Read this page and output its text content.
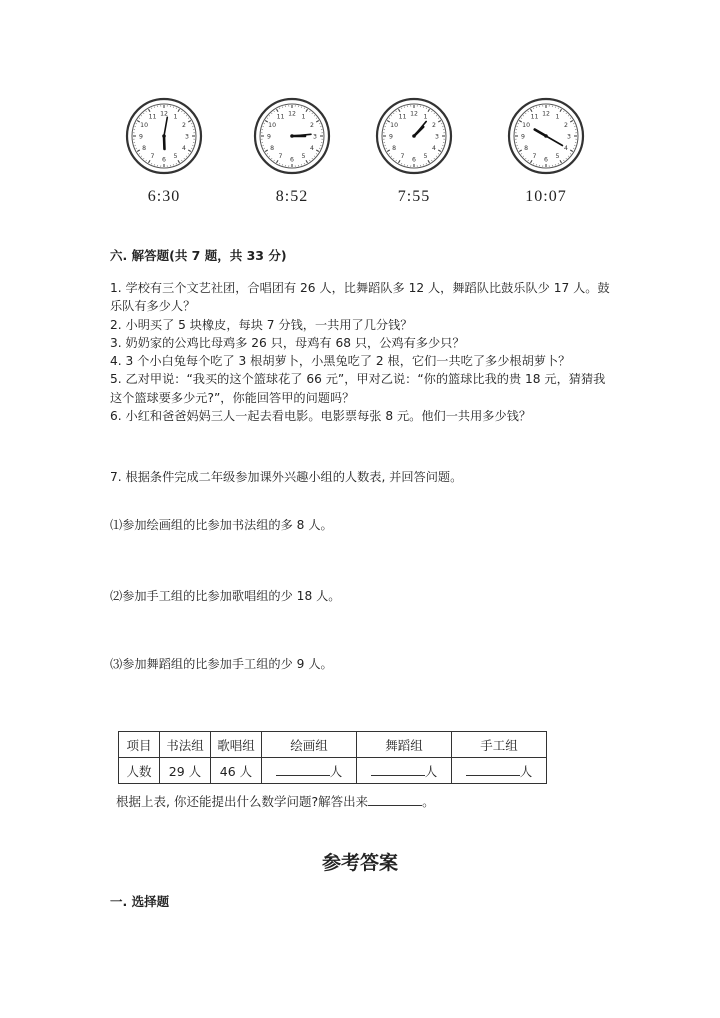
1
2
3
4
5
6
7
8
9
10
11 12
6:30
1
2
3
4
5
6
7
8
9
10
11 12
8:52
1
2
3
4
5
6
7
8
9
10
11 12
7:55
1
2
3
4
5
6
7
8
9
10
11 12
10:07
六. 解答题(共 7 题，共 33 分)

1. 学校有三个文艺社团，合唱团有 26 人，比舞蹈队多 12 人，舞蹈队比鼓乐队少 17 人。鼓乐队有多少人？

2. 小明买了 5 块橡皮，每块 7 分钱，一共用了几分钱？

3. 奶奶家的公鸡比母鸡多 26 只，母鸡有 68 只，公鸡有多少只？

4. 3 个小白兔每个吃了 3 根胡萝卜，小黑兔吃了 2 根，它们一共吃了多少根胡萝卜？

5. 乙对甲说：“我买的这个篮球花了 66 元”，甲对乙说：“你的篮球比我的贵 18 元，猜猜我这个篮球要多少元?”，你能回答甲的问题吗？

6. 小红和爸爸妈妈三人一起去看电影。电影票每张 8 元。他们一共用多少钱？

7. 根据条件完成二年级参加课外兴趣小组的人数表, 并回答问题。
⑴参加绘画组的比参加书法组的多 8 人。
⑵参加手工组的比参加歌唱组的少 18 人。
⑶参加舞蹈组的比参加手工组的少 9 人。
项目	书法组	歌唱组	绘画组	舞蹈组	手工组
人数	29 人	46 人	人	人	人
根据上表, 你还能提出什么数学问题?解答出来	。
参考答案
一. 选择题
